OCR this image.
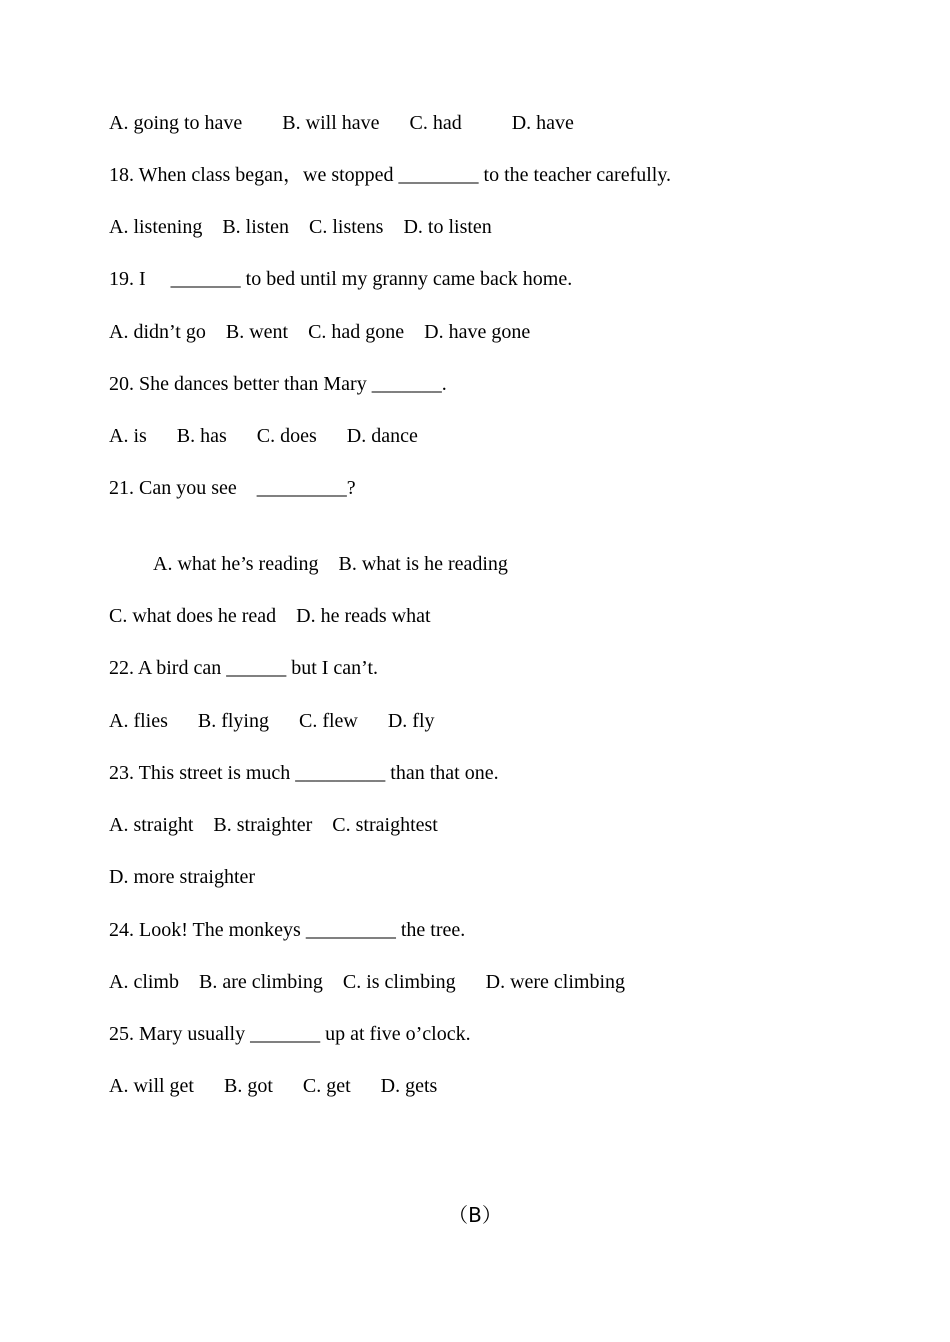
A. going to have        B. will have      C. had          D. have
18. When class began，we stopped ________ to the teacher carefully.
A. listening    B. listen    C. listens    D. to listen
19. I     _______ to bed until my granny came back home.
A. didn’t go    B. went    C. had gone    D. have gone
20. She dances better than Mary _______.
A. is      B. has      C. does      D. dance
21. Can you see    _________?
A. what he’s reading    B. what is he reading
C. what does he read    D. he reads what
22. A bird can ______ but I can’t.
A. flies      B. flying      C. flew      D. fly
23. This street is much _________ than that one.
A. straight    B. straighter    C. straightest
D. more straighter
24. Look! The monkeys _________ the tree.
A. climb    B. are climbing    C. is climbing      D. were climbing
25. Mary usually _______ up at five o’clock.
A. will get      B. got      C. get      D. gets
（B）
